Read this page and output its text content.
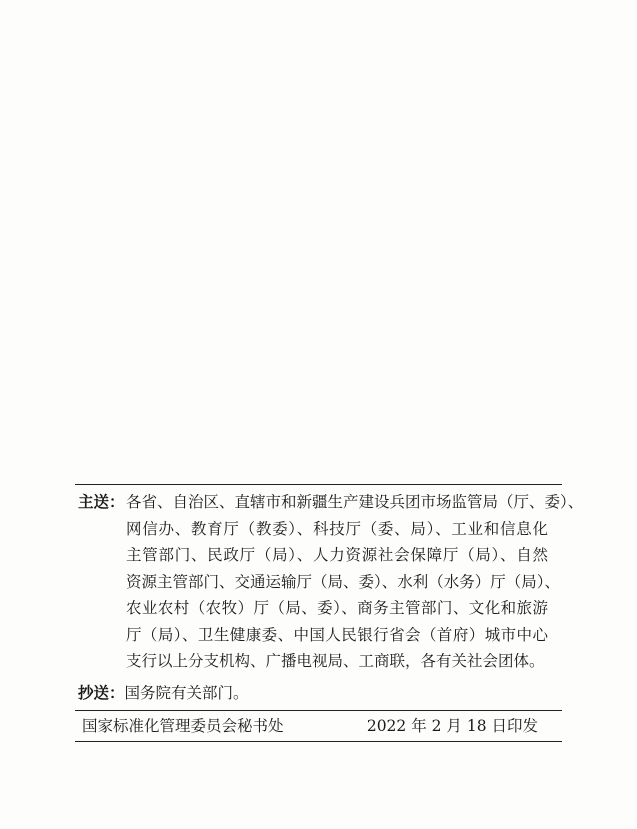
主送： 各省、自治区、直辖市和新疆生产建设兵团市场监管局（厅、委）、
网信办、教育厅（教委）、科技厅（委、局）、工业和信息化
主管部门、民政厅（局）、人力资源社会保障厅（局）、自然
资源主管部门、交通运输厅（局、委）、水利（水务）厅（局）、
农业农村（农牧）厅（局、委）、商务主管部门、文化和旅游
厅（局）、卫生健康委、中国人民银行省会（首府）城市中心
支行以上分支机构、广播电视局、工商联，各有关社会团体。
抄送：国务院有关部门。
国家标准化管理委员会秘书处	2022 年 2 月 18 日印发
